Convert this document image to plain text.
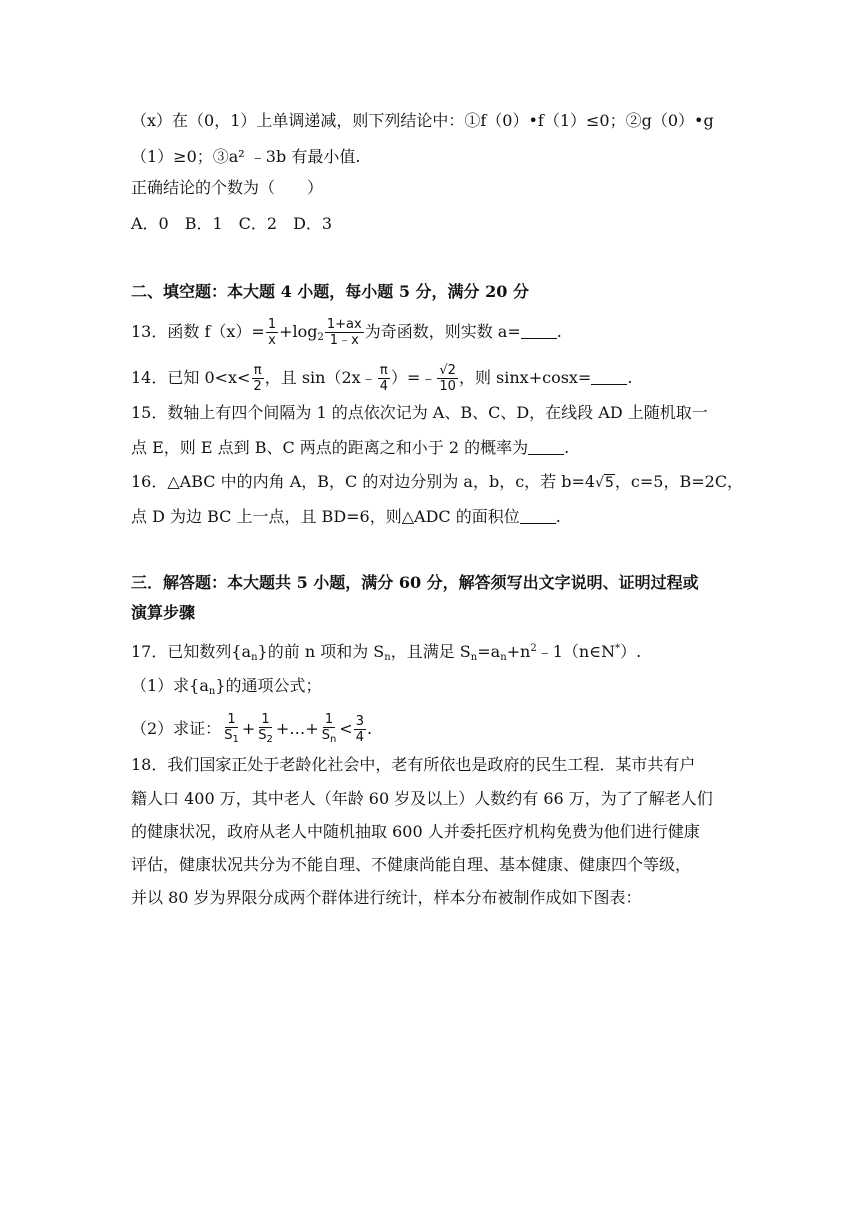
（x）在（0，1）上单调递减，则下列结论中：①f（0）•f（1）≤0；②g（0）•g
（1）≥0；③a² ﹣3b 有最小值.
正确结论的个数为（　　）
A．0　B．1　C．2　D．3
二、填空题：本大题 4 小题，每小题 5 分，满分 20 分
13．函数 $f(x)= \frac{1}{x} +\log_2 \frac{1+ax}{1﹣x}$ 为奇函数，则实数 a= .
14．已知 $0<x< \frac{\pi}{2}$ ，且 sin（2x﹣ $\frac{\pi}{4}$ ）=﹣ $\frac{√2}{10}$ ，则 sinx+cosx= .
15．数轴上有四个间隔为 1 的点依次记为 A、B、C、D，在线段 AD 上随机取一
点 E，则 E 点到 B、C 两点的距离之和小于 2 的概率为 .
16．△ABC 中的内角 A，B，C 的对边分别为 a，b，c，若 b=4√5，c=5，B=2C，
点 D 为边 BC 上一点，且 BD=6，则△ADC 的面积位 .
三．解答题：本大题共 5 小题，满分 60 分，解答须写出文字说明、证明过程或
演算步骤
17．已知数列$\{a_n\}$的前 n 项和为 $S_n$，且满足 $S_n=a_n+n^2﹣1(n\in N^*)$.
（1）求$\{a_n\}$的通项公式；
（2）求证： $\frac{1}{S_1} + \frac{1}{S_2}$ +…+ $\frac{1}{S_n} < \frac{3}{4}$ .
18．我们国家正处于老龄化社会中，老有所依也是政府的民生工程．某市共有户
籍人口 400 万，其中老人（年龄 60 岁及以上）人数约有 66 万，为了了解老人们
的健康状况，政府从老人中随机抽取 600 人并委托医疗机构免费为他们进行健康
评估，健康状况共分为不能自理、不健康尚能自理、基本健康、健康四个等级，
并以 80 岁为界限分成两个群体进行统计，样本分布被制作成如下图表：
